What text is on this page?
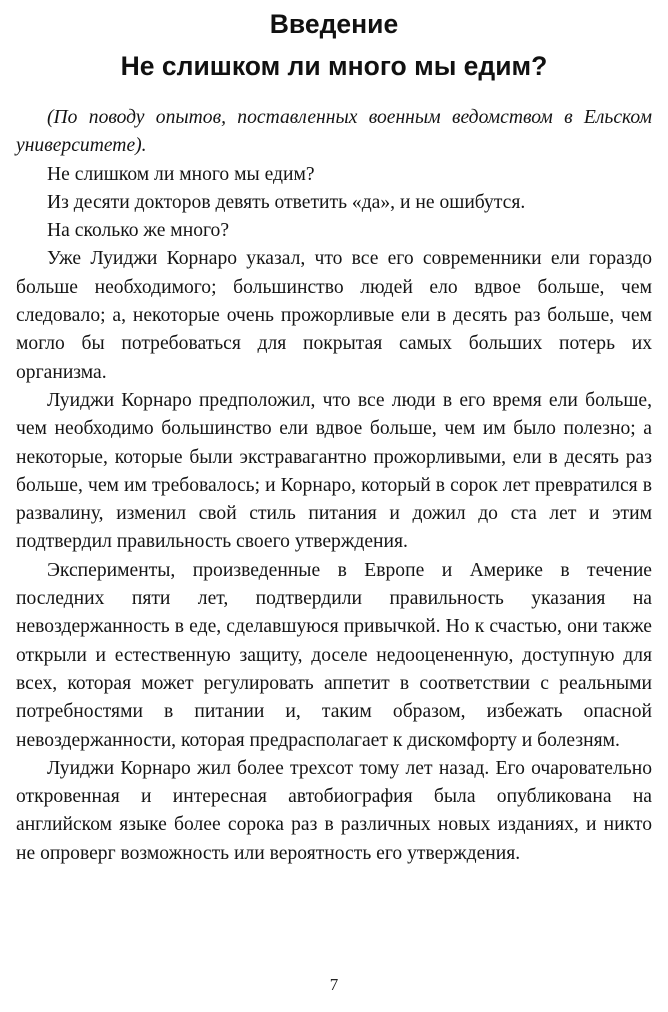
Введение
Не слишком ли много мы едим?

(По поводу опытов, поставленных военным ведомством в Ельском университете).

Не слишком ли много мы едим?

Из десяти докторов девять ответить «да», и не ошибутся.

На сколько же много?

Уже Луиджи Корнаро указал, что все его современники ели гораздо больше необходимого; большинство людей ело вдвое больше, чем следовало; а, некоторые очень прожорливые ели в десять раз больше, чем могло бы потребоваться для покрытая самых больших потерь их организма.

Луиджи Корнаро предположил, что все люди в его время ели больше, чем необходимо большинство ели вдвое больше, чем им было полезно; а некоторые, которые были экстравагантно прожорливыми, ели в десять раз больше, чем им требовалось; и Корнаро, который в сорок лет превратился в развалину, изменил свой стиль питания и дожил до ста лет и этим подтвердил правильность своего утверждения.

Эксперименты, произведенные в Европе и Америке в течение последних пяти лет, подтвердили правильность указания на невоздержанность в еде, сделавшуюся привычкой. Но к счастью, они также открыли и естественную защиту, доселе недооцененную, доступную для всех, которая может регулировать аппетит в соответствии с реальными потребностями в питании и, таким образом, избежать опасной невоздержанности, которая предрасполагает к дискомфорту и болезням.

Луиджи Корнаро жил более трехсот тому лет назад. Его очаровательно откровенная и интересная автобиография была опубликована на английском языке более сорока раз в различных новых изданиях, и никто не опроверг возможность или вероятность его утверждения.

7
